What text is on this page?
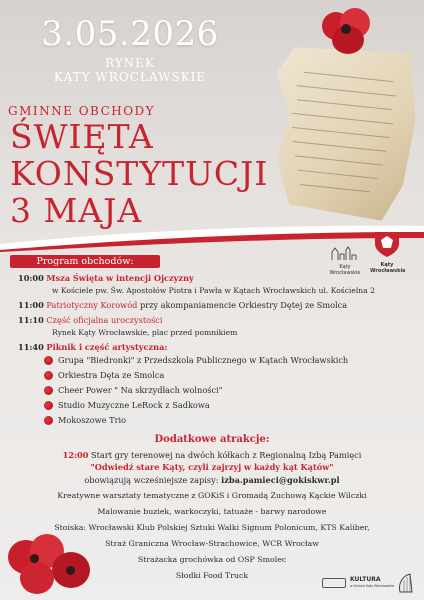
3.05.2026
RYNEK
KĄTY WROCŁAWSKIE
GMINNE OBCHODY
ŚWIĘTA
KONSTYTUCJI
3 MAJA
Kąty Wrocławskie
Kąty Wrocławskie
Program obchodów:
10:00 Msza Święta w intencji Ojczyzny
w Kościele pw. Św. Apostołów Piotra i Pawła w Kątach Wrocławskich ul. Kościelna 2
11:00 Patriotyczny Korowód przy akompaniamencie Orkiestry Dętej ze Smolca
11:10 Część oficjalna uroczystości
Rynek Kąty Wrocławskie, plac przed pomnikiem
11:40 Piknik i część artystyczna:
Grupa "Biedronki" z Przedszkola Publicznego w Kątach Wrocławskich
Orkiestra Dęta ze Smolca
Cheer Power " Na skrzydłach wolności"
Studio Muzyczne LeRock z Sadkowa
Mokoszowe Trio
Dodatkowe atrakcje:
12:00 Start gry terenowej na dwóch kółkach z Regionalną Izbą Pamięci
"Odwiedź stare Kąty, czyli zajrzyj w każdy kąt Kątów"
obowiązują wcześniejsze zapisy: izba.pamieci@gokiskwr.pl
Kreatywne warsztaty tematyczne z GOKiS i Gromadą Zuchową Kąckie Wilczki
Malowanie buziek, warkoczyki, tatuaże - barwy narodowe
Stoiska: Wrocławski Klub Polskiej Sztuki Walki Signum Polonicum, KTS Kaliber,
Straż Graniczna Wrocław-Strachowice, WCR Wrocław
Strażacka grochówka od OSP Smolec
Słodki Food Truck	KULTURA
w Gminie Kąty Wrocławskie
